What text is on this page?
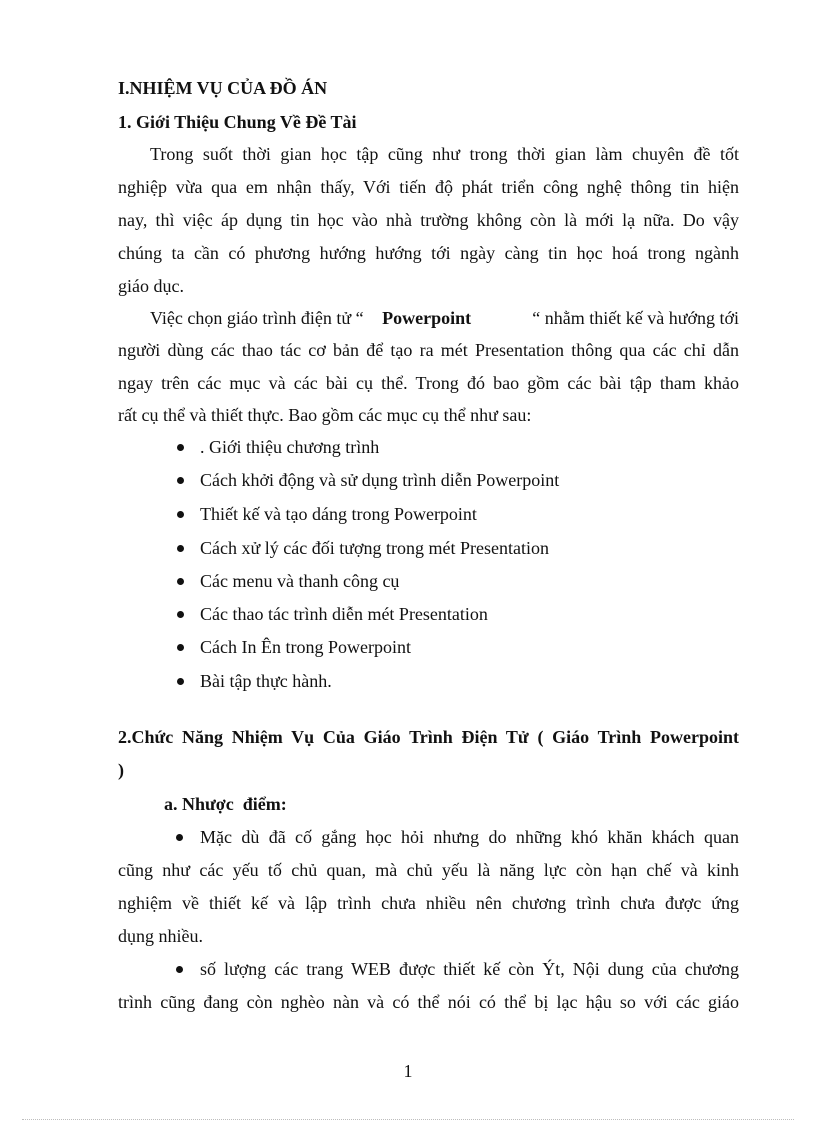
I.NHIỆM VỤ CỦA ĐỒ ÁN
1. Giới Thiệu Chung Về Đề Tài
Trong suốt thời gian học tập cũng như trong thời gian làm chuyên đề tốt
nghiệp vừa qua em nhận thấy, Với tiến độ phát triển công nghệ thông tin hiện
nay, thì việc áp dụng tin học vào nhà trường không còn là mới lạ nữa. Do vậy
chúng ta cần có phương hướng hướng tới ngày càng tin học hoá trong ngành
giáo dục.
Việc chọn giáo trình điện tử “ Powerpoint	“ nhằm thiết kế và hướng tới
người dùng các thao tác cơ bản để tạo ra mét Presentation thông qua các chỉ dẫn
ngay trên các mục và các bài cụ thể. Trong đó bao gồm các bài tập tham khảo
rất cụ thể và thiết thực. Bao gồm các mục cụ thể như sau:
. Giới thiệu chương trình
Cách khởi động và sử dụng trình diễn Powerpoint
Thiết kế và tạo dáng trong Powerpoint
Cách xử lý các đối tượng trong mét Presentation
Các menu và thanh công cụ
Các thao tác trình diễn mét Presentation
Cách In Ên trong Powerpoint
Bài tập thực hành.
2.Chức Năng Nhiệm Vụ Của Giáo Trình Điện Tử ( Giáo Trình Powerpoint
)
a. Nhược  điểm:
Mặc dù đã cố gắng học hỏi nhưng do những khó khăn khách quan
cũng như các yếu tố chủ quan, mà chủ yếu là năng lực còn hạn chế và kinh
nghiệm về thiết kế và lập trình chưa nhiều nên chương trình chưa được ứng
dụng nhiều.
số lượng các trang WEB được thiết kế còn Ýt, Nội dung của chương
trình cũng đang còn nghèo nàn và có thể nói có thể bị lạc hậu so với các giáo
1
